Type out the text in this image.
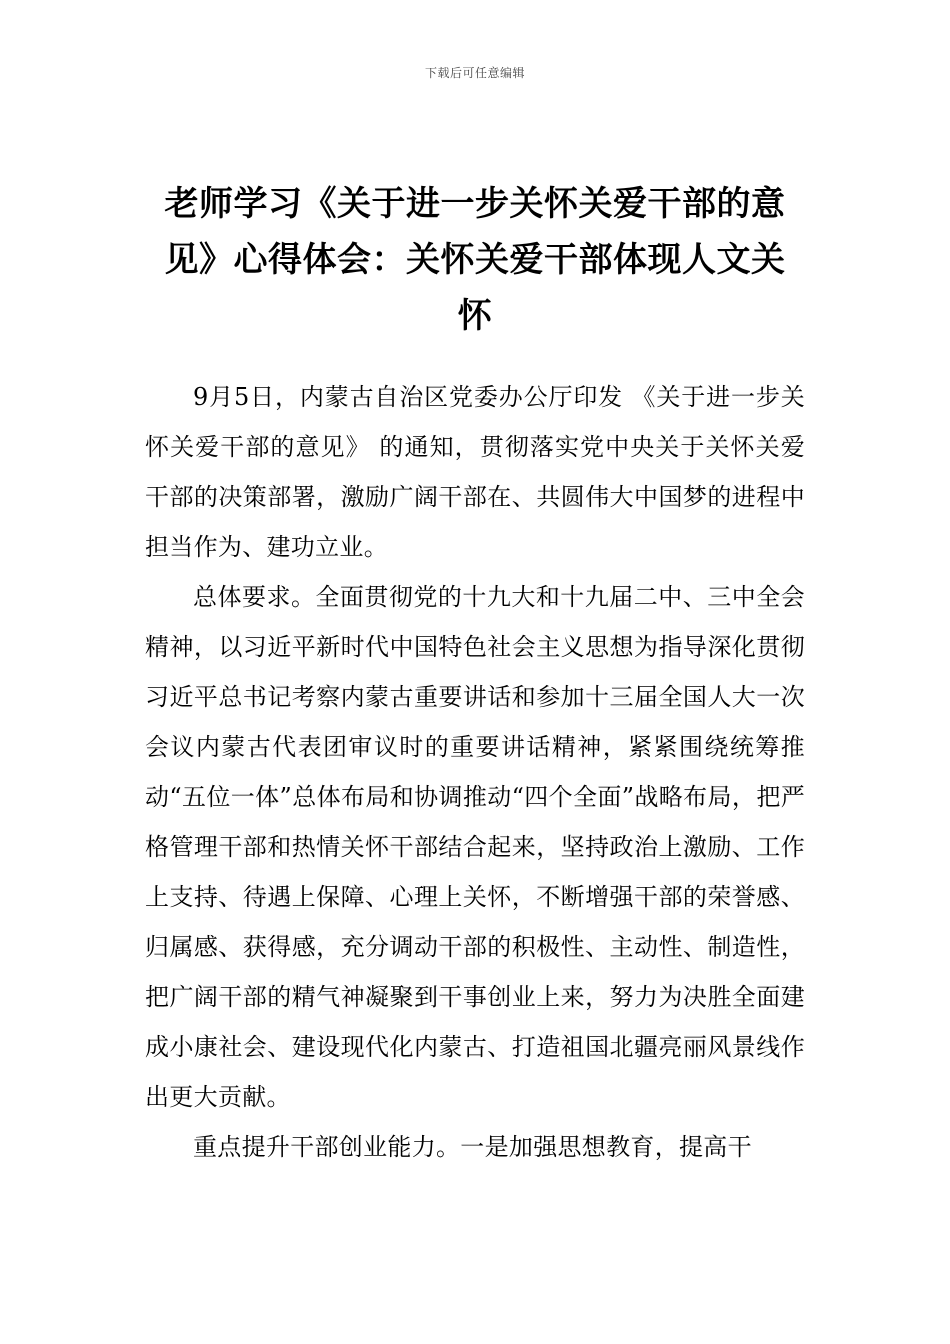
下载后可任意编辑
老师学习《关于进一步关怀关爱干部的意见》心得体会：关怀关爱干部体现人文关怀

9月5日，内蒙古自治区党委办公厅印发 《关于进一步关怀关爱干部的意见》 的通知，贯彻落实党中央关于关怀关爱干部的决策部署，激励广阔干部在、共圆伟大中国梦的进程中担当作为、建功立业。

总体要求。全面贯彻党的十九大和十九届二中、三中全会精神，以习近平新时代中国特色社会主义思想为指导深化贯彻习近平总书记考察内蒙古重要讲话和参加十三届全国人大一次会议内蒙古代表团审议时的重要讲话精神，紧紧围绕统筹推动“五位一体”总体布局和协调推动“四个全面”战略布局，把严格管理干部和热情关怀干部结合起来，坚持政治上激励、工作上支持、待遇上保障、心理上关怀，不断增强干部的荣誉感、归属感、获得感，充分调动干部的积极性、主动性、制造性，把广阔干部的精气神凝聚到干事创业上来，努力为决胜全面建成小康社会、建设现代化内蒙古、打造祖国北疆亮丽风景线作出更大贡献。

重点提升干部创业能力。一是加强思想教育，提高干
